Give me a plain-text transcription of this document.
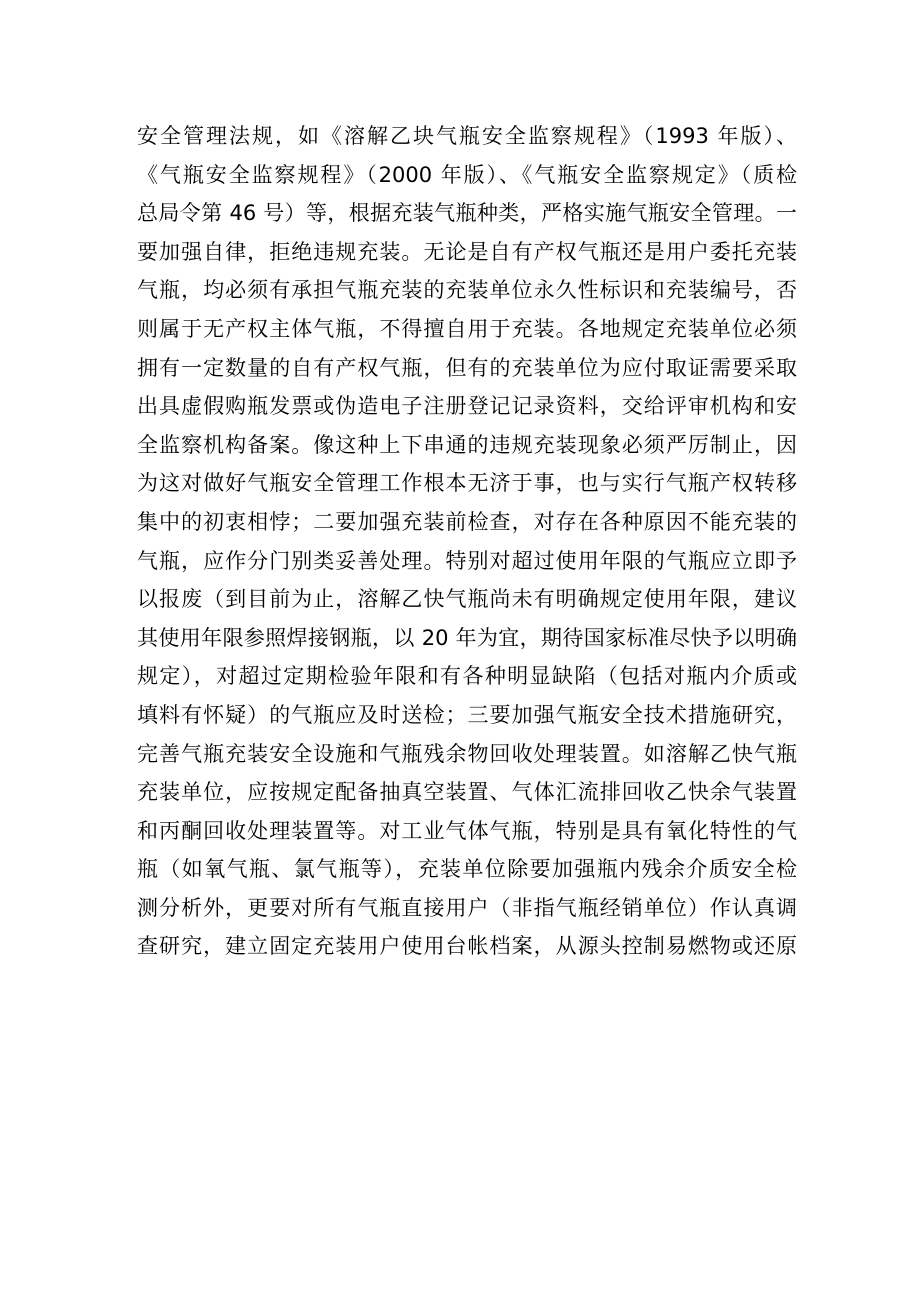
安全管理法规，如《溶解乙块气瓶安全监察规程》（1993 年版）、
《气瓶安全监察规程》（2000 年版）、《气瓶安全监察规定》（质检
总局令第 46 号）等，根据充装气瓶种类，严格实施气瓶安全管理。一
要加强自律，拒绝违规充装。无论是自有产权气瓶还是用户委托充装
气瓶，均必须有承担气瓶充装的充装单位永久性标识和充装编号，否
则属于无产权主体气瓶，不得擅自用于充装。各地规定充装单位必须
拥有一定数量的自有产权气瓶，但有的充装单位为应付取证需要采取
出具虚假购瓶发票或伪造电子注册登记记录资料，交给评审机构和安
全监察机构备案。像这种上下串通的违规充装现象必须严厉制止，因
为这对做好气瓶安全管理工作根本无济于事，也与实行气瓶产权转移
集中的初衷相悖；二要加强充装前检查，对存在各种原因不能充装的
气瓶，应作分门别类妥善处理。特别对超过使用年限的气瓶应立即予
以报废（到目前为止，溶解乙快气瓶尚未有明确规定使用年限，建议
其使用年限参照焊接钢瓶，以 20 年为宜，期待国家标准尽快予以明确
规定），对超过定期检验年限和有各种明显缺陷（包括对瓶内介质或
填料有怀疑）的气瓶应及时送检；三要加强气瓶安全技术措施研究，
完善气瓶充装安全设施和气瓶残余物回收处理装置。如溶解乙快气瓶
充装单位，应按规定配备抽真空装置、气体汇流排回收乙快余气装置
和丙酮回收处理装置等。对工业气体气瓶，特别是具有氧化特性的气
瓶（如氧气瓶、氯气瓶等），充装单位除要加强瓶内残余介质安全检
测分析外，更要对所有气瓶直接用户（非指气瓶经销单位）作认真调
查研究，建立固定充装用户使用台帐档案，从源头控制易燃物或还原
